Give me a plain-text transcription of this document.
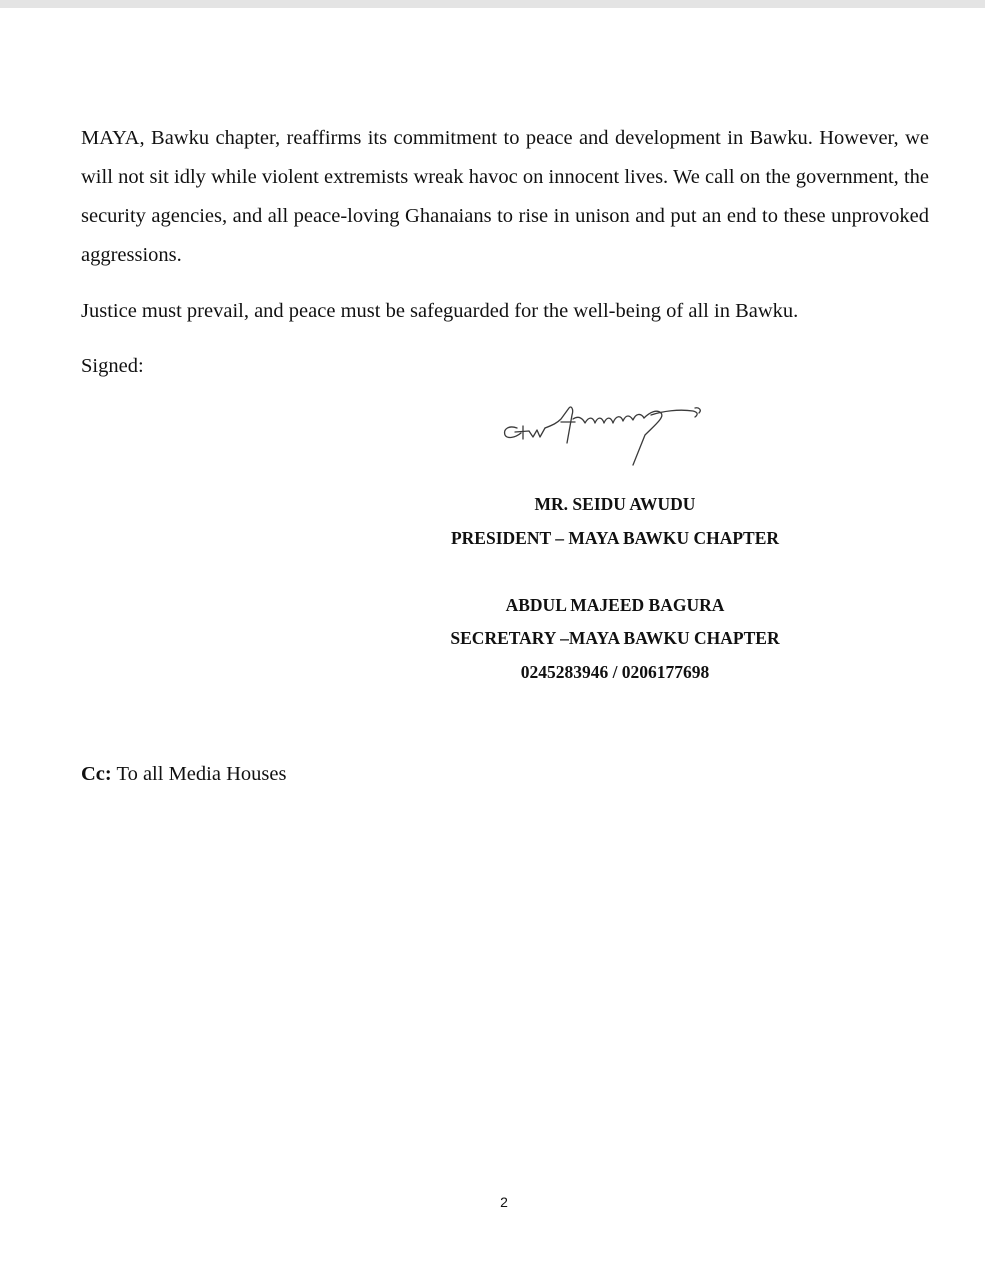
MAYA, Bawku chapter, reaffirms its commitment to peace and development in Bawku. However, we will not sit idly while violent extremists wreak havoc on innocent lives. We call on the government, the security agencies, and all peace-loving Ghanaians to rise in unison and put an end to these unprovoked aggressions.

Justice must prevail, and peace must be safeguarded for the well-being of all in Bawku.

Signed:

MR. SEIDU AWUDU

PRESIDENT – MAYA BAWKU CHAPTER

ABDUL MAJEED BAGURA

SECRETARY –MAYA BAWKU CHAPTER

0245283946 / 0206177698

Cc: To all Media Houses

2
